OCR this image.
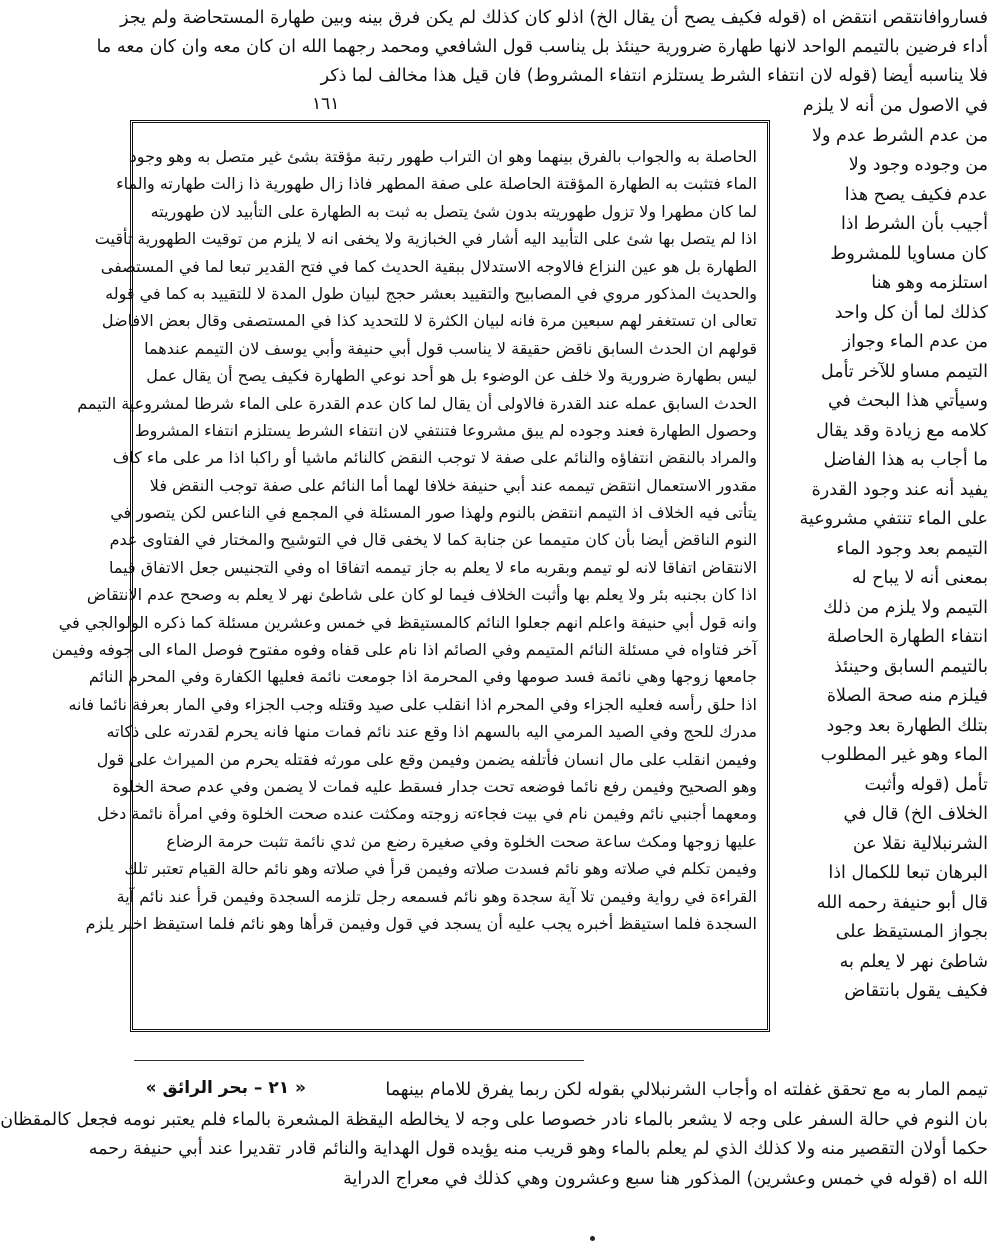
فساروافانتقص انتقض اه (قوله فكيف يصح أن يقال الخ) اذلو كان كذلك لم يكن فرق بينه وبين طهارة المستحاضة ولم يجز
أداء فرضين بالتيمم الواحد لانها طهارة ضرورية حينئذ بل يناسب قول الشافعي ومحمد رجهما الله ان كان معه وان كان معه ما
فلا يناسبه أيضا (قوله لان انتفاء الشرط يستلزم انتفاء المشروط) فان قيل هذا مخالف لما ذكر
١٦١	في الاصول من أنه لا يلزم
من عدم الشرط عدم ولا
من وجوده وجود ولا
عدم فكيف يصح هذا
أجيب بأن الشرط اذا
كان مساويا للمشروط
استلزمه وهو هنا
كذلك لما أن كل واحد
من عدم الماء وجواز
التيمم مساو للآخر تأمل
وسيأتي هذا البحث في
كلامه مع زيادة وقد يقال
ما أجاب به هذا الفاضل
يفيد أنه عند وجود القدرة
على الماء تنتفي مشروعية
التيمم بعد وجود الماء
بمعنى أنه لا يباح له
التيمم ولا يلزم من ذلك
انتفاء الطهارة الحاصلة
بالتيمم السابق وحينئذ
فيلزم منه صحة الصلاة
بتلك الطهارة بعد وجود
الماء وهو غير المطلوب
تأمل (قوله وأثبت
الخلاف الخ) قال في
الشرنبلالية نقلا عن
البرهان تبعا للكمال اذا
قال أبو حنيفة رحمه الله
بجواز المستيقظ على
شاطئ نهر لا يعلم به
فكيف يقول بانتقاض
الحاصلة به والجواب بالفرق بينهما وهو ان التراب طهور رتبة مؤقتة بشئ غير متصل به وهو وجود
الماء فتثبت به الطهارة المؤقتة الحاصلة على صفة المطهر فاذا زال طهورية ذا زالت طهارته والماء
لما كان مطهرا ولا تزول طهوريته بدون شئ يتصل به ثبت به الطهارة على التأبيد لان طهوريته
اذا لم يتصل بها شئ على التأبيد اليه أشار في الخبازية ولا يخفى انه لا يلزم من توقيت الطهورية تأقيت
الطهارة بل هو عين النزاع فالاوجه الاستدلال ببقية الحديث كما في فتح القدير تبعا لما في المستصفى
والحديث المذكور مروي في المصابيح والتقييد بعشر حجج لبيان طول المدة لا للتقييد به كما في قوله
تعالى ان تستغفر لهم سبعين مرة فانه لبيان الكثرة لا للتحديد كذا في المستصفى وقال بعض الافاضل
قولهم ان الحدث السابق ناقض حقيقة لا يناسب قول أبي حنيفة وأبي يوسف لان التيمم عندهما
ليس بطهارة ضرورية ولا خلف عن الوضوء بل هو أحد نوعي الطهارة فكيف يصح أن يقال عمل
الحدث السابق عمله عند القدرة فالاولى أن يقال لما كان عدم القدرة على الماء شرطا لمشروعية التيمم
وحصول الطهارة فعند وجوده لم يبق مشروعا فتنتفي لان انتفاء الشرط يستلزم انتفاء المشروط
والمراد بالنقض انتفاؤه والنائم على صفة لا توجب النقض كالنائم ماشيا أو راكبا اذا مر على ماء كاف
مقدور الاستعمال انتقض تيممه عند أبي حنيفة خلافا لهما أما النائم على صفة توجب النقض فلا
يتأتى فيه الخلاف اذ التيمم انتقض بالنوم ولهذا صور المسئلة في المجمع في الناعس لكن يتصور في
النوم الناقض أيضا بأن كان متيمما عن جنابة كما لا يخفى قال في التوشيح والمختار في الفتاوى عدم
الانتقاض اتفاقا لانه لو تيمم وبقربه ماء لا يعلم به جاز تيممه اتفاقا اه وفي التجنيس جعل الاتفاق فيما
اذا كان بجنبه بئر ولا يعلم بها وأثبت الخلاف فيما لو كان على شاطئ نهر لا يعلم به وصحح عدم الانتقاض
وانه قول أبي حنيفة واعلم انهم جعلوا النائم كالمستيقظ في خمس وعشرين مسئلة كما ذكره الولوالجي في
آخر فتاواه في مسئلة النائم المتيمم وفي الصائم اذا نام على قفاه وفوه مفتوح فوصل الماء الى جوفه وفيمن
جامعها زوجها وهي نائمة فسد صومها وفي المحرمة اذا جومعت نائمة فعليها الكفارة وفي المحرم النائم
اذا حلق رأسه فعليه الجزاء وفي المحرم اذا انقلب على صيد وقتله وجب الجزاء وفي المار بعرفة نائما فانه
مدرك للحج وفي الصيد المرمي اليه بالسهم اذا وقع عند نائم فمات منها فانه يحرم لقدرته على ذكاته
وفيمن انقلب على مال انسان فأتلفه يضمن وفيمن وقع على مورثه فقتله يحرم من الميراث على قول
وهو الصحيح وفيمن رفع نائما فوضعه تحت جدار فسقط عليه فمات لا يضمن وفي عدم صحة الخلوة
ومعهما أجنبي نائم وفيمن نام في بيت فجاءته زوجته ومكثت عنده صحت الخلوة وفي امرأة نائمة دخل
عليها زوجها ومكث ساعة صحت الخلوة وفي صغيرة رضع من ثدي نائمة تثبت حرمة الرضاع
وفيمن تكلم في صلاته وهو نائم فسدت صلاته وفيمن قرأ في صلاته وهو نائم حالة القيام تعتبر تلك
القراءة في رواية وفيمن تلا آية سجدة وهو نائم فسمعه رجل تلزمه السجدة وفيمن قرأ عند نائم آية
السجدة فلما استيقظ أخبره يجب عليه أن يسجد في قول وفيمن قرأها وهو نائم فلما استيقظ اخبر يلزم
تيمم المار به مع تحقق غفلته اه وأجاب الشرنبلالي بقوله لكن ربما يفرق للامام بينهما
بان النوم في حالة السفر على وجه لا يشعر بالماء نادر خصوصا على وجه لا يخالطه اليقظة المشعرة بالماء فلم يعتبر نومه فجعل كالمقظان
حكما أولان التقصير منه ولا كذلك الذي لم يعلم بالماء وهو قريب منه يؤيده قول الهداية والنائم قادر تقديرا عند أبي حنيفة رحمه
الله اه (قوله في خمس وعشرين) المذكور هنا سبع وعشرون وهي كذلك في معراج الدراية
« ٢١ – بحر الرائق »
